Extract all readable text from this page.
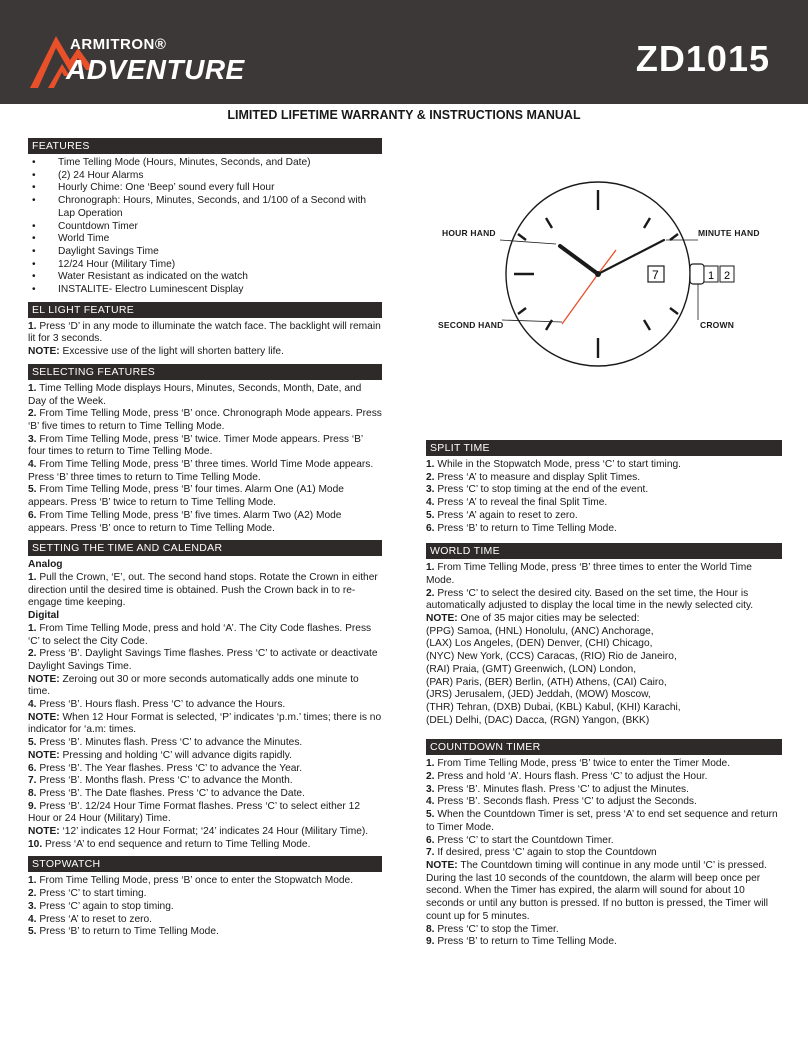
ARMITRON®
ADVENTURE	ZD1015
LIMITED LIFETIME WARRANTY & INSTRUCTIONS MANUAL
FEATURES
• Time Telling Mode (Hours, Minutes, Seconds, and Date)
• (2) 24 Hour Alarms
• Hourly Chime: One ‘Beep’ sound every full Hour
• Chronograph: Hours, Minutes, Seconds, and 1/100 of a Second with Lap Operation
• Countdown Timer
• World Time
• Daylight Savings Time
• 12/24 Hour (Military Time)
• Water Resistant as indicated on the watch
• INSTALITE- Electro Luminescent Display
EL LIGHT FEATURE
1. Press ‘D’ in any mode to illuminate the watch face. The backlight will remain lit for 3 seconds.
NOTE: Excessive use of the light will shorten battery life.
SELECTING FEATURES
1. Time Telling Mode displays Hours, Minutes, Seconds, Month, Date, and Day of the Week.
2. From Time Telling Mode, press ‘B’ once. Chronograph Mode appears. Press ‘B’ five times to return to Time Telling Mode.
3. From Time Telling Mode, press ‘B’ twice. Timer Mode appears. Press ‘B’ four times to return to Time Telling Mode.
4. From Time Telling Mode, press ‘B’ three times. World Time Mode appears. Press ‘B’ three times to return to Time Telling Mode.
5. From Time Telling Mode, press ‘B’ four times. Alarm One (A1) Mode appears. Press ‘B’ twice to return to Time Telling Mode.
6. From Time Telling Mode, press ‘B’ five times. Alarm Two (A2) Mode appears. Press ‘B’ once to return to Time Telling Mode.
SETTING THE TIME AND CALENDAR
Analog
1. Pull the Crown, ‘E’, out. The second hand stops. Rotate the Crown in either direction until the desired time is obtained. Push the Crown back in to re-engage time keeping.
Digital
1. From Time Telling Mode, press and hold ‘A’. The City Code flashes. Press ‘C’ to select the City Code.
2. Press ‘B’. Daylight Savings Time flashes. Press ‘C’ to activate or deactivate Daylight Savings Time.
NOTE: Zeroing out 30 or more seconds automatically adds one minute to time.
4. Press ‘B’. Hours flash. Press ‘C’ to advance the Hours.
NOTE: When 12 Hour Format is selected, ‘P’ indicates ‘p.m.’ times; there is no indicator for ‘a.m: times.
5. Press ‘B’. Minutes flash. Press ‘C’ to advance the Minutes.
NOTE: Pressing and holding ‘C’ will advance digits rapidly.
6. Press ‘B’. The Year flashes. Press ‘C’ to advance the Year.
7. Press ‘B’. Months flash. Press ‘C’ to advance the Month.
8. Press ‘B’. The Date flashes. Press ‘C’ to advance the Date.
9. Press ‘B’. 12/24 Hour Time Format flashes. Press ‘C’ to select either 12 Hour or 24 Hour (Military) Time.
NOTE: ‘12’ indicates 12 Hour Format; ‘24’ indicates 24 Hour (Military Time).
10. Press ‘A’ to end sequence and return to Time Telling Mode.
STOPWATCH
1. From Time Telling Mode, press ‘B’ once to enter the Stopwatch Mode.
2. Press ‘C’ to start timing.
3. Press ‘C’ again to stop timing.
4. Press ‘A’ to reset to zero.
5. Press ‘B’ to return to Time Telling Mode.
7	1 2
HOUR HAND	MINUTE HAND
SECOND HAND	CROWN
SPLIT TIME
1. While in the Stopwatch Mode, press ‘C’ to start timing.
2. Press ‘A’ to measure and display Split Times.
3. Press ‘C’ to stop timing at the end of the event.
4. Press ‘A’ to reveal the final Split Time.
5. Press ‘A’ again to reset to zero.
6. Press ‘B’ to return to Time Telling Mode.
WORLD TIME
1. From Time Telling Mode, press ‘B’ three times to enter the World Time Mode.
2. Press ‘C’ to select the desired city. Based on the set time, the Hour is automatically adjusted to display the local time in the newly selected city.
NOTE: One of 35 major cities may be selected:
(PPG) Samoa, (HNL) Honolulu, (ANC) Anchorage,
(LAX) Los Angeles, (DEN) Denver, (CHI) Chicago,
(NYC) New York, (CCS) Caracas, (RIO) Rio de Janeiro,
(RAI) Praia, (GMT) Greenwich, (LON) London,
(PAR) Paris, (BER) Berlin, (ATH) Athens, (CAI) Cairo,
(JRS) Jerusalem, (JED) Jeddah, (MOW) Moscow,
(THR) Tehran, (DXB) Dubai, (KBL) Kabul, (KHI) Karachi,
(DEL) Delhi, (DAC) Dacca, (RGN) Yangon, (BKK)
COUNTDOWN TIMER
1. From Time Telling Mode, press ‘B’ twice to enter the Timer Mode.
2. Press and hold ‘A’. Hours flash. Press ‘C’ to adjust the Hour.
3. Press ‘B’. Minutes flash. Press ‘C’ to adjust the Minutes.
4. Press ‘B’. Seconds flash. Press ‘C’ to adjust the Seconds.
5. When the Countdown Timer is set, press ‘A’ to end set sequence and return to Timer Mode.
6. Press ‘C’ to start the Countdown Timer.
7. If desired, press ‘C’ again to stop the Countdown
NOTE: The Countdown timing will continue in any mode until ‘C’ is pressed. During the last 10 seconds of the countdown, the alarm will beep once per second. When the Timer has expired, the alarm will sound for about 10 seconds or until any button is pressed. If no button is pressed, the Timer will count up for 5 minutes.
8. Press ‘C’ to stop the Timer.
9. Press ‘B’ to return to Time Telling Mode.
